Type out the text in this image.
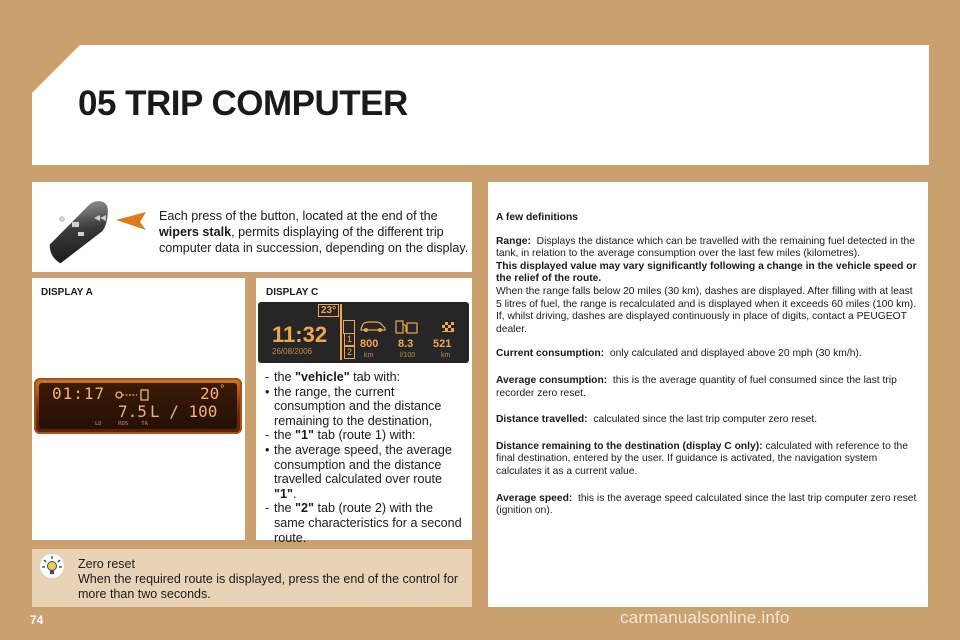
05 TRIP COMPUTER
Each press of the button, located at the end of the wipers stalk, permits displaying of the different trip computer data in succession, depending on the display.
DISPLAY A
01:17	20°
7.5 L / 100
LD     RDS    TA
DISPLAY C
23°
11:32
26/08/2006
1
2
800
km
8.3
l/100
521
km
- the "vehicle" tab with:
• the range, the current consumption and the distance remaining to the destination,
- the "1" tab (route 1) with:
• the average speed, the average consumption and the distance travelled calculated over route "1".
- the "2" tab (route 2) with the same characteristics for a second route.
Zero reset
When the required route is displayed, press the end of the control for more than two seconds.

A few definitions

Range: Displays the distance which can be travelled with the remaining fuel detected in the tank, in relation to the average consumption over the last few miles (kilometres).
This displayed value may vary significantly following a change in the vehicle speed or the relief of the route.
When the range falls below 20 miles (30 km), dashes are displayed. After filling with at least 5 litres of fuel, the range is recalculated and is displayed when it exceeds 60 miles (100 km).
If, whilst driving, dashes are displayed continuously in place of digits, contact a PEUGEOT dealer.

Current consumption: only calculated and displayed above 20 mph (30 km/h).

Average consumption: this is the average quantity of fuel consumed since the last trip recorder zero reset.

Distance travelled: calculated since the last trip computer zero reset.

Distance remaining to the destination (display C only): calculated with reference to the final destination, entered by the user. If guidance is activated, the navigation system calculates it as a current value.

Average speed: this is the average speed calculated since the last trip computer zero reset (ignition on).

74	carmanualsonline.info
